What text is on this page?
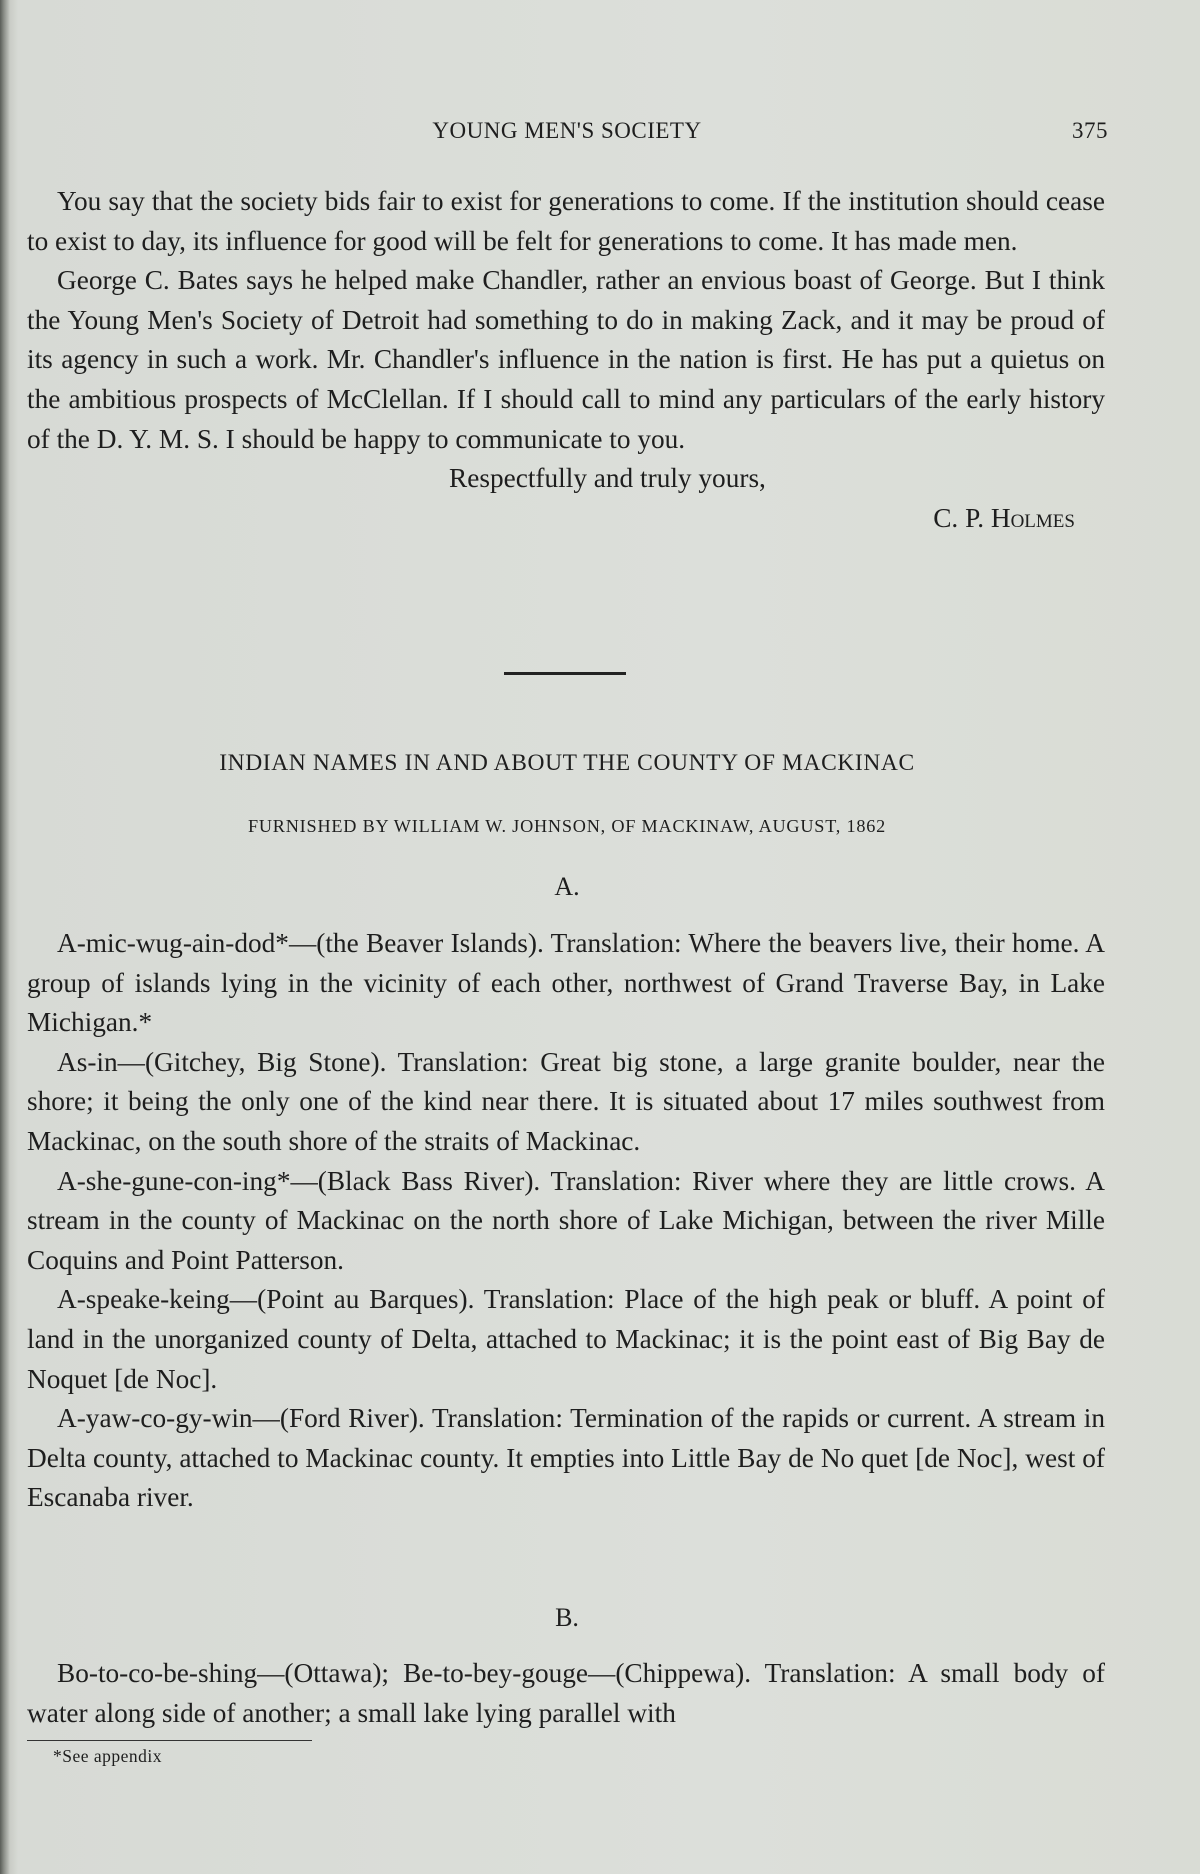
YOUNG MEN'S SOCIETY	375

You say that the society bids fair to exist for generations to come. If the institution should cease to exist to day, its influence for good will be felt for generations to come. It has made men.

George C. Bates says he helped make Chandler, rather an envious boast of George. But I think the Young Men's Society of Detroit had something to do in making Zack, and it may be proud of its agency in such a work. Mr. Chandler's influence in the nation is first. He has put a quietus on the ambitious prospects of McClellan. If I should call to mind any particulars of the early history of the D. Y. M. S. I should be happy to communicate to you.

Respectfully and truly yours,

C. P. Holmes

INDIAN NAMES IN AND ABOUT THE COUNTY OF MACKINAC
FURNISHED BY WILLIAM W. JOHNSON, OF MACKINAW, AUGUST, 1862
A.

A-mic-wug-ain-dod*—(the Beaver Islands). Translation: Where the beavers live, their home. A group of islands lying in the vicinity of each other, northwest of Grand Traverse Bay, in Lake Michigan.*

As-in—(Gitchey, Big Stone). Translation: Great big stone, a large granite boulder, near the shore; it being the only one of the kind near there. It is situated about 17 miles southwest from Mackinac, on the south shore of the straits of Mackinac.

A-she-gune-con-ing*—(Black Bass River). Translation: River where they are little crows. A stream in the county of Mackinac on the north shore of Lake Michigan, between the river Mille Coquins and Point Patterson.

A-speake-keing—(Point au Barques). Translation: Place of the high peak or bluff. A point of land in the unorganized county of Delta, attached to Mackinac; it is the point east of Big Bay de Noquet [de Noc].

A-yaw-co-gy-win—(Ford River). Translation: Termination of the rapids or current. A stream in Delta county, attached to Mackinac county. It empties into Little Bay de No quet [de Noc], west of Escanaba river.

B.

Bo-to-co-be-shing—(Ottawa); Be-to-bey-gouge—(Chippewa). Translation: A small body of water along side of another; a small lake lying parallel with

*See appendix
